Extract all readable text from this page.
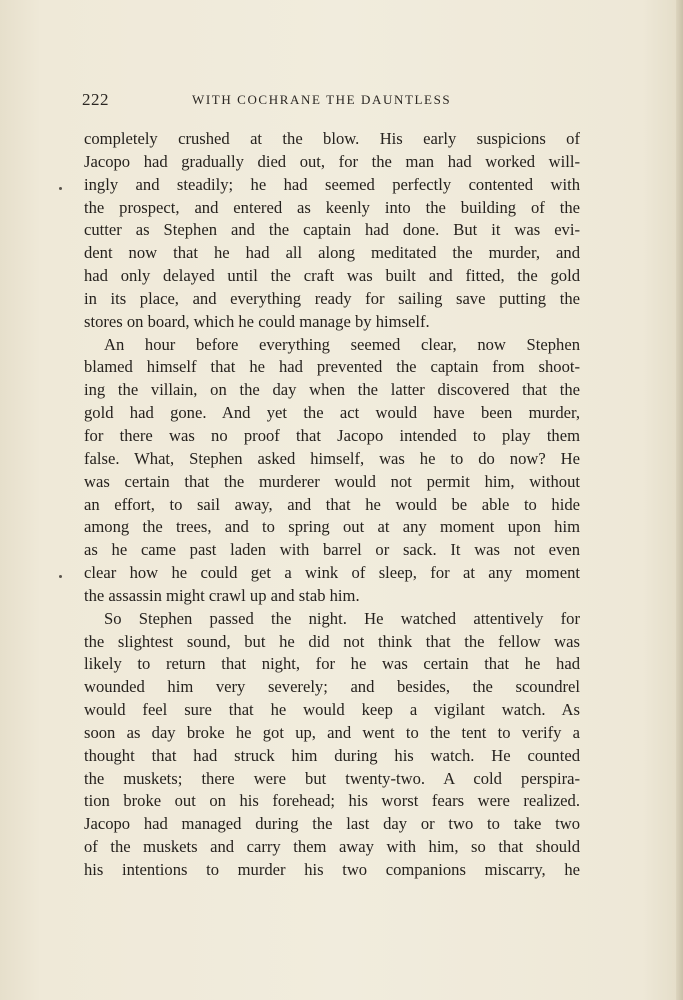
222	WITH COCHRANE THE DAUNTLESS
completely crushed at the blow. His early suspicions of
Jacopo had gradually died out, for the man had worked will-
ingly and steadily; he had seemed perfectly contented with
the prospect, and entered as keenly into the building of the
cutter as Stephen and the captain had done. But it was evi-
dent now that he had all along meditated the murder, and
had only delayed until the craft was built and fitted, the gold
in its place, and everything ready for sailing save putting the
stores on board, which he could manage by himself.
An hour before everything seemed clear, now Stephen
blamed himself that he had prevented the captain from shoot-
ing the villain, on the day when the latter discovered that the
gold had gone. And yet the act would have been murder,
for there was no proof that Jacopo intended to play them
false. What, Stephen asked himself, was he to do now? He
was certain that the murderer would not permit him, without
an effort, to sail away, and that he would be able to hide
among the trees, and to spring out at any moment upon him
as he came past laden with barrel or sack. It was not even
clear how he could get a wink of sleep, for at any moment
the assassin might crawl up and stab him.
So Stephen passed the night. He watched attentively for
the slightest sound, but he did not think that the fellow was
likely to return that night, for he was certain that he had
wounded him very severely; and besides, the scoundrel
would feel sure that he would keep a vigilant watch. As
soon as day broke he got up, and went to the tent to verify a
thought that had struck him during his watch. He counted
the muskets; there were but twenty-two. A cold perspira-
tion broke out on his forehead; his worst fears were realized.
Jacopo had managed during the last day or two to take two
of the muskets and carry them away with him, so that should
his intentions to murder his two companions miscarry, he
